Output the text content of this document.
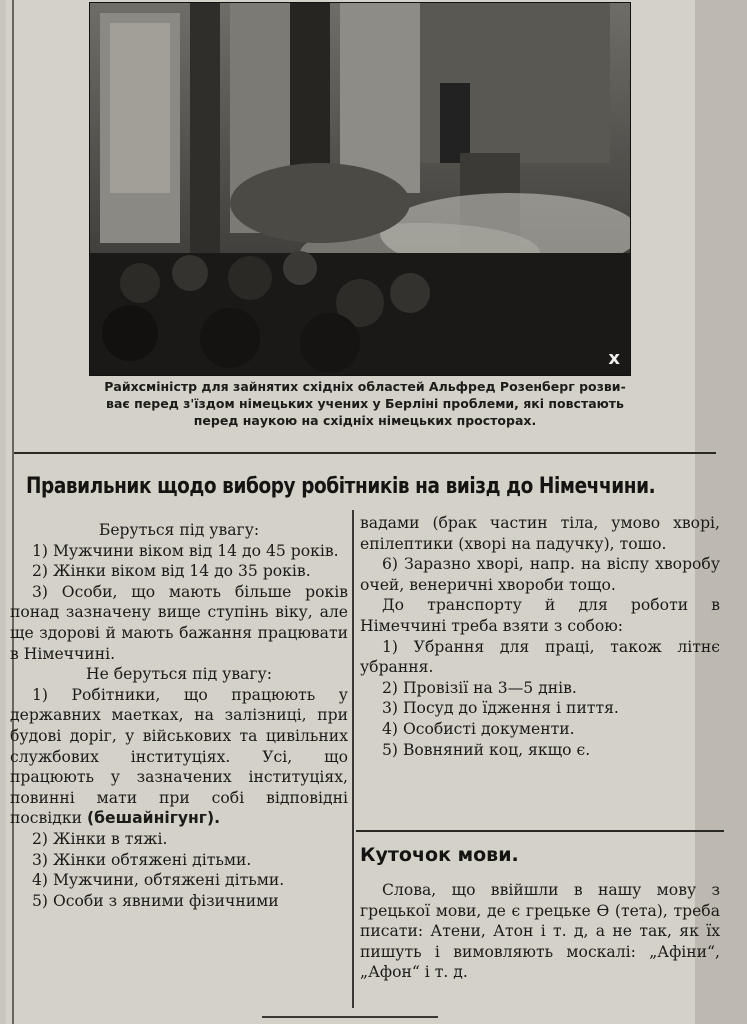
x
Райхсміністр для зайнятих східніх областей Альфред Розенберг розви-
ває перед з'їздом німецьких учених у Берліні проблеми, які повстають
перед наукою на східніх німецьких просторах.
Правильник щодо вибору робітників на виізд до Німеччини.

Беруться під увагу:

1) Мужчини віком від 14 до 45 років.

2) Жінки віком від 14 до 35 років.

3) Особи, що мають більше років понад зазначену вище ступінь віку, але ще здорові й мають бажання працювати в Німеччині.

Не беруться під увагу:

1) Робітники, що працюють у державних маетках, на залізниці, при будові доріг, у військових та цивільних службових інституціях. Усі, що працюють у зазначених інституціях, повинні мати при собі відповідні посвідки (бешайнігунг).

2) Жінки в тяжі.

3) Жінки обтяжені дітьми.

4) Мужчини, обтяжені дітьми.

5) Особи з явними фізичними

вадами (брак частин тіла, умово хворі, епілептики (хворі на падучку), тошо.

6) Заразно хворі, напр. на віспу хворобу очей, венеричні хвороби тощо.

До транспорту й для роботи в Німеччині треба взяти з собою:

1) Убрання для праці, також літнє убрання.

2) Провізії на 3—5 днів.

3) Посуд до їдження і пиття.

4) Особисті документи.

5) Вовняний коц, якщо є.

Куточок мови.

Слова, що ввійшли в нашу мову з грецької мови, де є грецьке Ѳ (тета), треба писати: Атени, Атон і т. д, а не так, як їх пишуть і вимовляють москалі: „Афіни“, „Афон“ і т. д.
